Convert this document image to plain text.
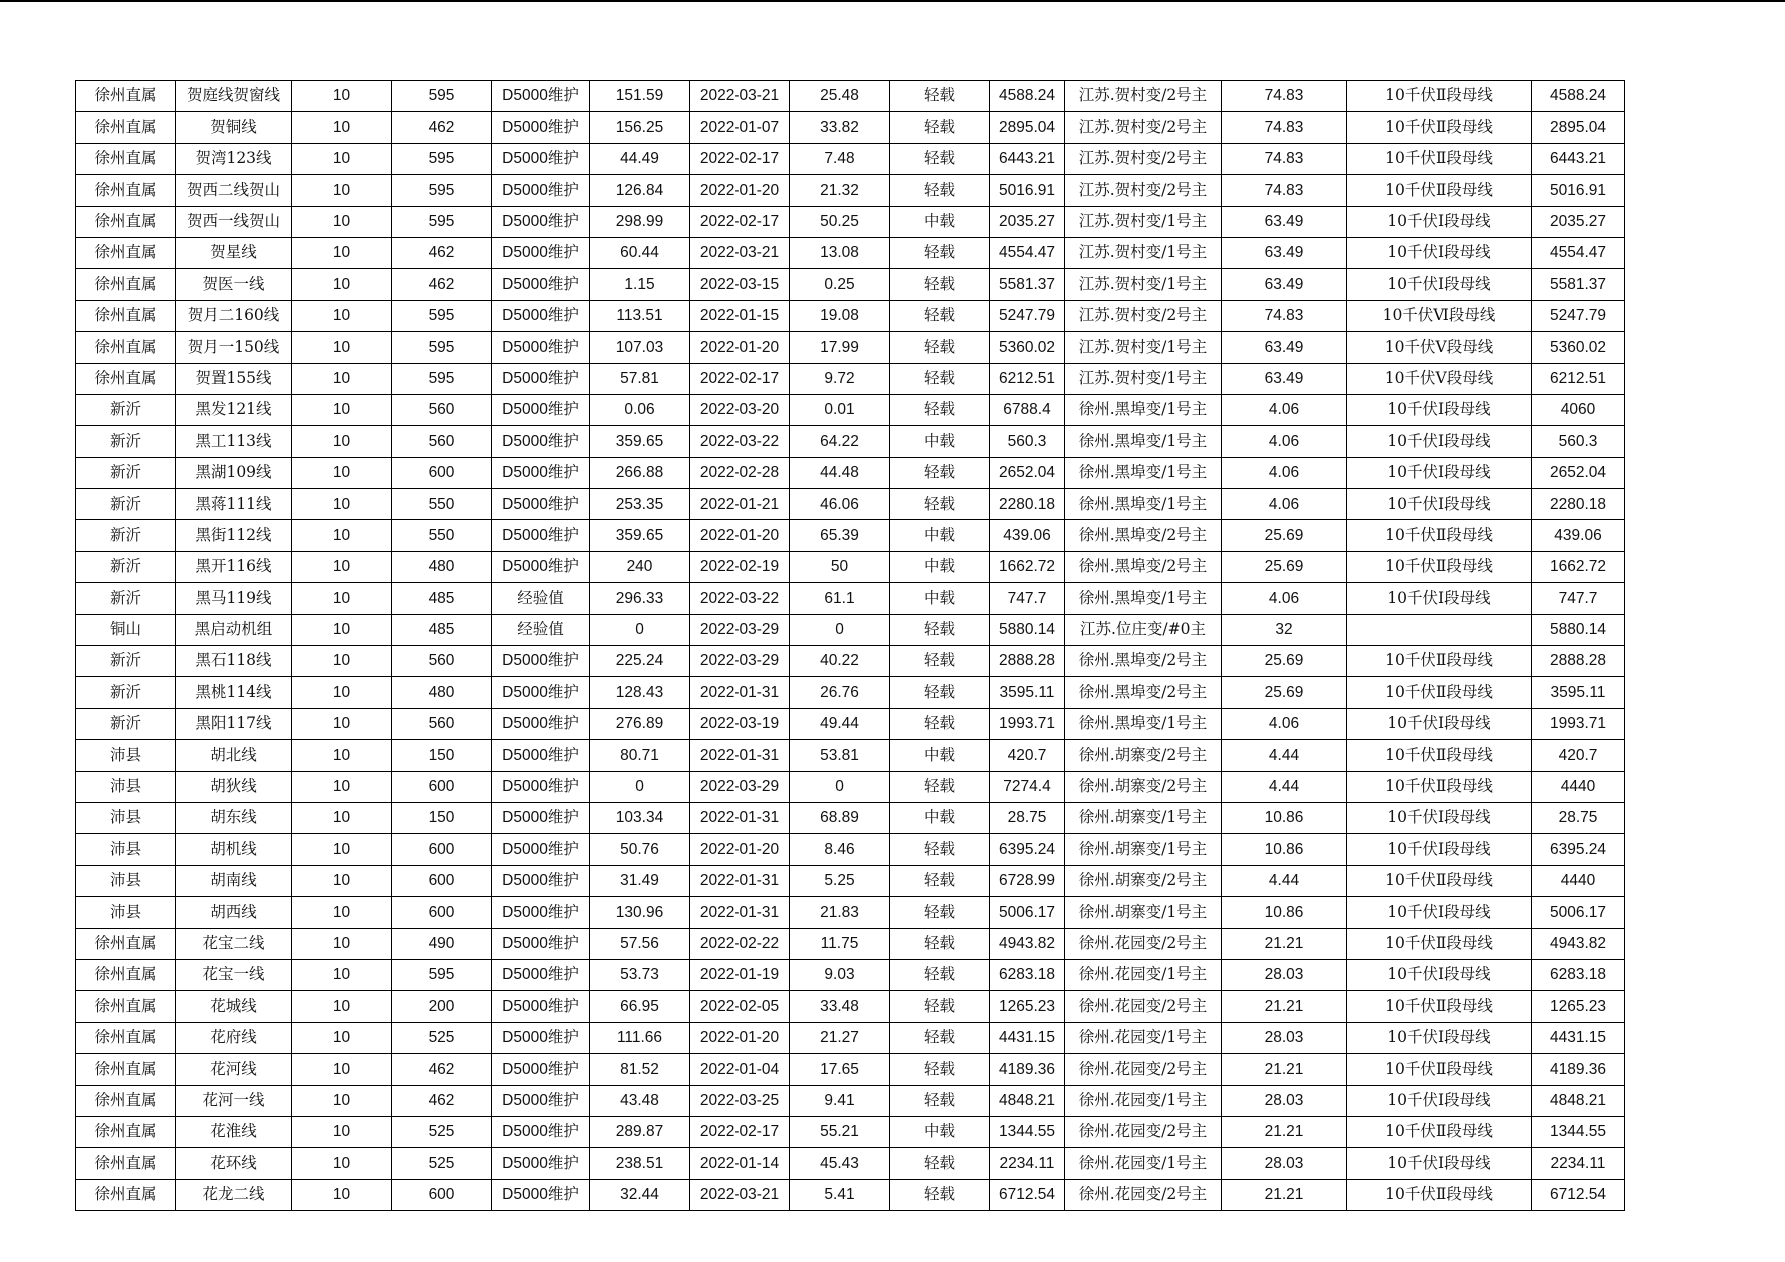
徐州直属	贺庭线贺窗线	10	595	D5000维护	151.59	2022-03-21	25.48	轻载	4588.24	江苏.贺村变/2号主	74.83	10千伏Ⅱ段母线	4588.24
徐州直属	贺铜线	10	462	D5000维护	156.25	2022-01-07	33.82	轻载	2895.04	江苏.贺村变/2号主	74.83	10千伏Ⅱ段母线	2895.04
徐州直属	贺湾123线	10	595	D5000维护	44.49	2022-02-17	7.48	轻载	6443.21	江苏.贺村变/2号主	74.83	10千伏Ⅱ段母线	6443.21
徐州直属	贺西二线贺山	10	595	D5000维护	126.84	2022-01-20	21.32	轻载	5016.91	江苏.贺村变/2号主	74.83	10千伏Ⅱ段母线	5016.91
徐州直属	贺西一线贺山	10	595	D5000维护	298.99	2022-02-17	50.25	中载	2035.27	江苏.贺村变/1号主	63.49	10千伏Ⅰ段母线	2035.27
徐州直属	贺星线	10	462	D5000维护	60.44	2022-03-21	13.08	轻载	4554.47	江苏.贺村变/1号主	63.49	10千伏Ⅰ段母线	4554.47
徐州直属	贺医一线	10	462	D5000维护	1.15	2022-03-15	0.25	轻载	5581.37	江苏.贺村变/1号主	63.49	10千伏Ⅰ段母线	5581.37
徐州直属	贺月二160线	10	595	D5000维护	113.51	2022-01-15	19.08	轻载	5247.79	江苏.贺村变/2号主	74.83	10千伏Ⅵ段母线	5247.79
徐州直属	贺月一150线	10	595	D5000维护	107.03	2022-01-20	17.99	轻载	5360.02	江苏.贺村变/1号主	63.49	10千伏Ⅴ段母线	5360.02
徐州直属	贺置155线	10	595	D5000维护	57.81	2022-02-17	9.72	轻载	6212.51	江苏.贺村变/1号主	63.49	10千伏Ⅴ段母线	6212.51
新沂	黑发121线	10	560	D5000维护	0.06	2022-03-20	0.01	轻载	6788.4	徐州.黑埠变/1号主	4.06	10千伏Ⅰ段母线	4060
新沂	黑工113线	10	560	D5000维护	359.65	2022-03-22	64.22	中载	560.3	徐州.黑埠变/1号主	4.06	10千伏Ⅰ段母线	560.3
新沂	黑湖109线	10	600	D5000维护	266.88	2022-02-28	44.48	轻载	2652.04	徐州.黑埠变/1号主	4.06	10千伏Ⅰ段母线	2652.04
新沂	黑蒋111线	10	550	D5000维护	253.35	2022-01-21	46.06	轻载	2280.18	徐州.黑埠变/1号主	4.06	10千伏Ⅰ段母线	2280.18
新沂	黑街112线	10	550	D5000维护	359.65	2022-01-20	65.39	中载	439.06	徐州.黑埠变/2号主	25.69	10千伏Ⅱ段母线	439.06
新沂	黑开116线	10	480	D5000维护	240	2022-02-19	50	中载	1662.72	徐州.黑埠变/2号主	25.69	10千伏Ⅱ段母线	1662.72
新沂	黑马119线	10	485	经验值	296.33	2022-03-22	61.1	中载	747.7	徐州.黑埠变/1号主	4.06	10千伏Ⅰ段母线	747.7
铜山	黑启动机组	10	485	经验值	0	2022-03-29	0	轻载	5880.14	江苏.位庄变/#0主	32		5880.14
新沂	黑石118线	10	560	D5000维护	225.24	2022-03-29	40.22	轻载	2888.28	徐州.黑埠变/2号主	25.69	10千伏Ⅱ段母线	2888.28
新沂	黑桃114线	10	480	D5000维护	128.43	2022-01-31	26.76	轻载	3595.11	徐州.黑埠变/2号主	25.69	10千伏Ⅱ段母线	3595.11
新沂	黑阳117线	10	560	D5000维护	276.89	2022-03-19	49.44	轻载	1993.71	徐州.黑埠变/1号主	4.06	10千伏Ⅰ段母线	1993.71
沛县	胡北线	10	150	D5000维护	80.71	2022-01-31	53.81	中载	420.7	徐州.胡寨变/2号主	4.44	10千伏Ⅱ段母线	420.7
沛县	胡狄线	10	600	D5000维护	0	2022-03-29	0	轻载	7274.4	徐州.胡寨变/2号主	4.44	10千伏Ⅱ段母线	4440
沛县	胡东线	10	150	D5000维护	103.34	2022-01-31	68.89	中载	28.75	徐州.胡寨变/1号主	10.86	10千伏Ⅰ段母线	28.75
沛县	胡机线	10	600	D5000维护	50.76	2022-01-20	8.46	轻载	6395.24	徐州.胡寨变/1号主	10.86	10千伏Ⅰ段母线	6395.24
沛县	胡南线	10	600	D5000维护	31.49	2022-01-31	5.25	轻载	6728.99	徐州.胡寨变/2号主	4.44	10千伏Ⅱ段母线	4440
沛县	胡西线	10	600	D5000维护	130.96	2022-01-31	21.83	轻载	5006.17	徐州.胡寨变/1号主	10.86	10千伏Ⅰ段母线	5006.17
徐州直属	花宝二线	10	490	D5000维护	57.56	2022-02-22	11.75	轻载	4943.82	徐州.花园变/2号主	21.21	10千伏Ⅱ段母线	4943.82
徐州直属	花宝一线	10	595	D5000维护	53.73	2022-01-19	9.03	轻载	6283.18	徐州.花园变/1号主	28.03	10千伏Ⅰ段母线	6283.18
徐州直属	花城线	10	200	D5000维护	66.95	2022-02-05	33.48	轻载	1265.23	徐州.花园变/2号主	21.21	10千伏Ⅱ段母线	1265.23
徐州直属	花府线	10	525	D5000维护	111.66	2022-01-20	21.27	轻载	4431.15	徐州.花园变/1号主	28.03	10千伏Ⅰ段母线	4431.15
徐州直属	花河线	10	462	D5000维护	81.52	2022-01-04	17.65	轻载	4189.36	徐州.花园变/2号主	21.21	10千伏Ⅱ段母线	4189.36
徐州直属	花河一线	10	462	D5000维护	43.48	2022-03-25	9.41	轻载	4848.21	徐州.花园变/1号主	28.03	10千伏Ⅰ段母线	4848.21
徐州直属	花淮线	10	525	D5000维护	289.87	2022-02-17	55.21	中载	1344.55	徐州.花园变/2号主	21.21	10千伏Ⅱ段母线	1344.55
徐州直属	花环线	10	525	D5000维护	238.51	2022-01-14	45.43	轻载	2234.11	徐州.花园变/1号主	28.03	10千伏Ⅰ段母线	2234.11
徐州直属	花龙二线	10	600	D5000维护	32.44	2022-03-21	5.41	轻载	6712.54	徐州.花园变/2号主	21.21	10千伏Ⅱ段母线	6712.54
